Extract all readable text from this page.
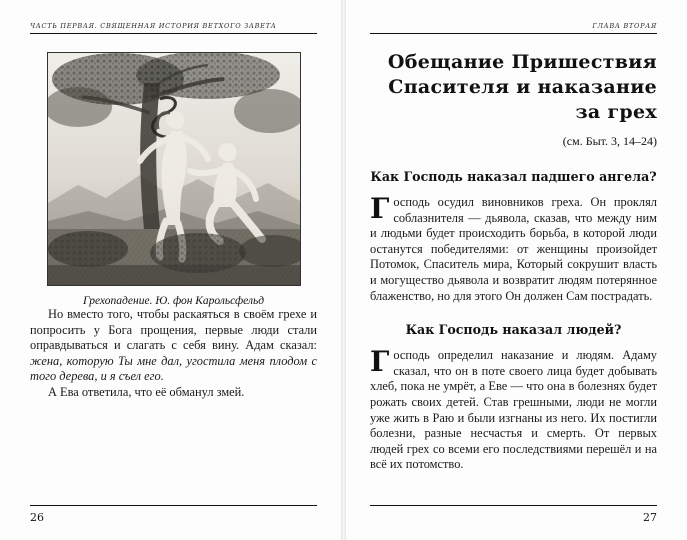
ЧАСТЬ ПЕРВАЯ. СВЯЩЕННАЯ ИСТОРИЯ ВЕТХОГО ЗАВЕТА
Грехопадение. Ю. фон Карольсфельд

Но вместо того, чтобы раскаяться в своём грехе и попросить у Бога прощения, первые люди стали оправдываться и слагать с себя вину. Адам сказал: жена, которую Ты мне дал, угостила меня плодом с того дерева, и я съел его.

А Ева ответила, что её обманул змей.

26
ГЛАВА ВТОРАЯ
Обещание Пришествия Спасителя и наказание за грех
(см. Быт. 3, 14–24)
Как Господь наказал падшего ангела?
Господь осудил виновников греха. Он проклял соблазнителя — дьявола, сказав, что между ним и людьми будет происходить борьба, в которой люди останутся победителями: от женщины произойдет Потомок, Спаситель мира, Который сокрушит власть и могущество дьявола и возвратит людям потерянное блаженство, но для этого Он должен Сам пострадать.
Как Господь наказал людей?
Господь определил наказание и людям. Адаму сказал, что он в поте своего лица будет добывать хлеб, пока не умрёт, а Еве — что она в болезнях будет рожать своих детей. Став грешными, люди не могли уже жить в Раю и были изгнаны из него. Их постигли болезни, разные несчастья и смерть. От первых людей грех со всеми его последствиями перешёл и на всё их потомство.
27
